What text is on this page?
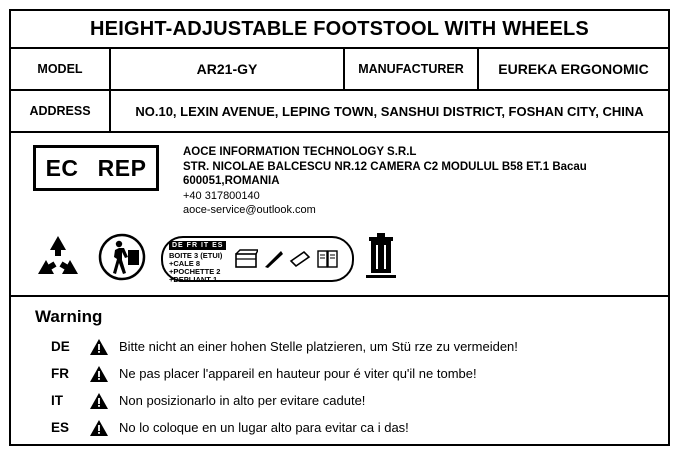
HEIGHT-ADJUSTABLE FOOTSTOOL WITH WHEELS
MODEL	AR21-GY	MANUFACTURER	EUREKA ERGONOMIC
ADDRESS	NO.10, LEXIN AVENUE, LEPING TOWN, SANSHUI DISTRICT, FOSHAN CITY, CHINA
EC REP
AOCE INFORMATION TECHNOLOGY S.R.L
STR. NICOLAE BALCESCU NR.12 CAMERA C2 MODULUL B58 ET.1 Bacau
600051,ROMANIA
+40 317800140
aoce-service@outlook.com
DE FR IT ES
BOITE 3 (ETUI)
+CALE 8
+POCHETTE 2
+DEPLIANT 1
Warning
DE	Bitte nicht an einer hohen Stelle platzieren, um Stü rze zu vermeiden!
FR	Ne pas placer l'appareil en hauteur pour é viter qu'il ne tombe!
IT	Non posizionarlo in alto per evitare cadute!
ES	No lo coloque en un lugar alto para evitar ca i das!
